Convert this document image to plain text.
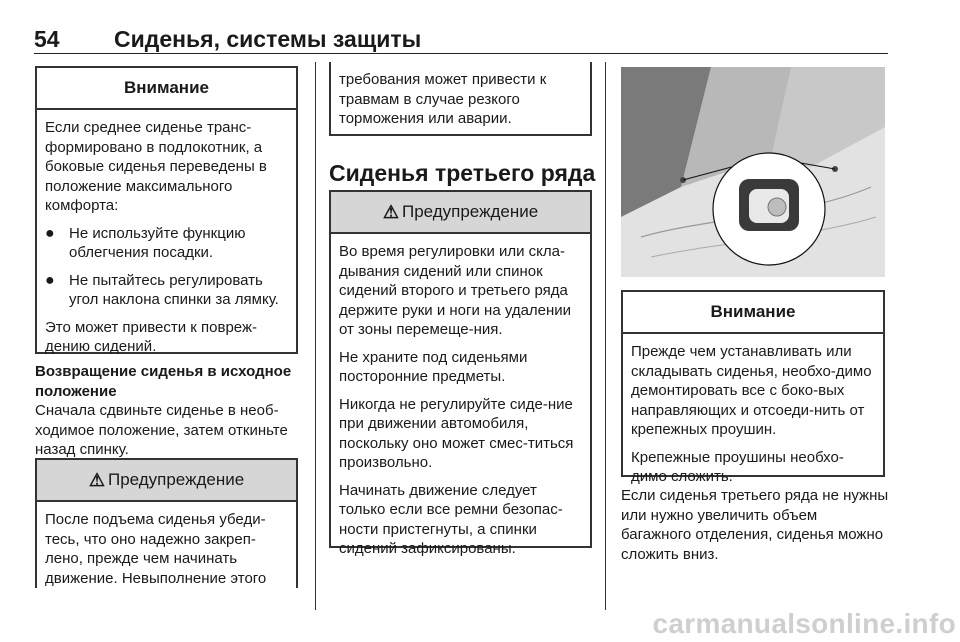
54 Сиденья, системы защиты
Внимание

Если среднее сиденье транс-формировано в подлокотник, а боковые сиденья переведены в положение максимального комфорта:

● Не используйте функцию облегчения посадки.
● Не пытайтесь регулировать угол наклона спинки за лямку.

Это может привести к повреж-дению сидений.

Возвращение сиденья в исходное положение
Сначала сдвиньте сиденье в необ-ходимое положение, затем откиньте назад спинку.
⚠ Предупреждение

После подъема сиденья убеди-тесь, что оно надежно закреп-лено, прежде чем начинать движение. Невыполнение этого

требования может привести к травмам в случае резкого торможения или аварии.

Сиденья третьего ряда
⚠ Предупреждение

Во время регулировки или скла-дывания сидений или спинок сидений второго и третьего ряда держите руки и ноги на удалении от зоны перемеще-ния.

Не храните под сиденьями посторонние предметы.

Никогда не регулируйте сиде-ние при движении автомобиля, поскольку оно может смес-титься произвольно.

Начинать движение следует только если все ремни безопас-ности пристегнуты, а спинки сидений зафиксированы.

Внимание

Прежде чем устанавливать или складывать сиденья, необхо-димо демонтировать все с боко-вых направляющих и отсоеди-нить от крепежных проушин.

Крепежные проушины необхо-димо сложить.

Если сиденья третьего ряда не нужны или нужно увеличить объем багажного отделения, сиденья можно сложить вниз.
carmanualsonline.info
